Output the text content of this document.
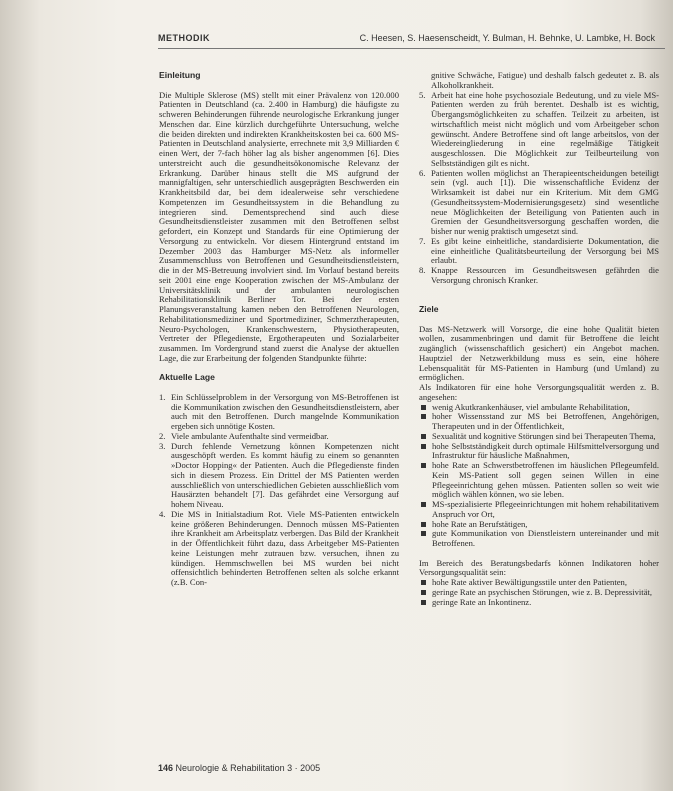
METHODIK	C. Heesen, S. Haesenscheidt, Y. Bulman, H. Behnke, U. Lambke, H. Bock
Einleitung

Die Multiple Sklerose (MS) stellt mit einer Prävalenz von 120.000 Patienten in Deutschland (ca. 2.400 in Hamburg) die häufigste zu schweren Behinderungen führende neurologische Erkrankung junger Menschen dar. Eine kürzlich durchgeführte Untersuchung, welche die beiden direkten und indirekten Krankheitskosten bei ca. 600 MS-Patienten in Deutschland analysierte, errechnete mit 3,9 Milliarden € einen Wert, der 7-fach höher lag als bisher angenommen [6]. Dies unterstreicht auch die gesundheitsökonomische Relevanz der Erkrankung. Darüber hinaus stellt die MS aufgrund der mannigfaltigen, sehr unterschiedlich ausgeprägten Beschwerden ein Krankheitsbild dar, bei dem idealerweise sehr verschiedene Kompetenzen im Gesundheitssystem in die Behandlung zu integrieren sind. Dementsprechend sind auch diese Gesundheitsdienstleister zusammen mit den Betroffenen selbst gefordert, ein Konzept und Standards für eine Optimierung der Versorgung zu entwickeln. Vor diesem Hintergrund entstand im Dezember 2003 das Hamburger MS-Netz als informeller Zusammenschluss von Betroffenen und Gesundheitsdienstleistern, die in der MS-Betreuung involviert sind. Im Vorlauf bestand bereits seit 2001 eine enge Kooperation zwischen der MS-Ambulanz der Universitätsklinik und der ambulanten neurologischen Rehabilitationsklinik Berliner Tor. Bei der ersten Planungsveranstaltung kamen neben den Betroffenen Neurologen, Rehabilitationsmediziner und Sportmediziner, Schmerztherapeuten, Neuro-Psychologen, Krankenschwestern, Physiotherapeuten, Vertreter der Pflegedienste, Ergotherapeuten und Sozialarbeiter zusammen. Im Vordergrund stand zuerst die Analyse der aktuellen Lage, die zur Erarbeitung der folgenden Standpunkte führte:

Aktuelle Lage
1. Ein Schlüsselproblem in der Versorgung von MS-Betroffenen ist die Kommunikation zwischen den Gesundheitsdienstleistern, aber auch mit den Betroffenen. Durch mangelnde Kommunikation ergeben sich unnötige Kosten.
2. Viele ambulante Aufenthalte sind vermeidbar.
3. Durch fehlende Vernetzung können Kompetenzen nicht ausgeschöpft werden. Es kommt häufig zu einem so genannten »Doctor Hopping« der Patienten. Auch die Pflegedienste finden sich in diesem Prozess. Ein Drittel der MS Patienten werden ausschließlich von unterschiedlichen Gebieten ausschließlich vom Hausärzten behandelt [7]. Das gefährdet eine Versorgung auf hohem Niveau.
4. Die MS in Initialstadium Rot. Viele MS-Patienten entwickeln keine größeren Behinderungen. Dennoch müssen MS-Patienten ihre Krankheit am Arbeitsplatz verbergen. Das Bild der Krankheit in der Öffentlichkeit führt dazu, dass Arbeitgeber MS-Patienten keine Leistungen mehr zutrauen bzw. versuchen, ihnen zu kündigen. Hemmschwellen bei MS wurden bei nicht offensichtlich behinderten Betroffenen selten als solche erkannt (z.B. Con-
gnitive Schwäche, Fatigue) und deshalb falsch gedeutet z. B. als Alkoholkrankheit.
5. Arbeit hat eine hohe psychosoziale Bedeutung, und zu viele MS-Patienten werden zu früh berentet. Deshalb ist es wichtig, Übergangsmöglichkeiten zu schaffen. Teilzeit zu arbeiten, ist wirtschaftlich meist nicht möglich und vom Arbeitgeber schon gewünscht. Andere Betroffene sind oft lange arbeitslos, von der Wiedereingliederung in eine regelmäßige Tätigkeit ausgeschlossen. Die Möglichkeit zur Teilbeurteilung von Selbstständigen gilt es nicht.
6. Patienten wollen möglichst an Therapieentscheidungen beteiligt sein (vgl. auch [1]). Die wissenschaftliche Evidenz der Wirksamkeit ist dabei nur ein Kriterium. Mit dem GMG (Gesundheitssystem-Modernisierungsgesetz) sind wesentliche neue Möglichkeiten der Beteiligung von Patienten auch in Gremien der Gesundheitsversorgung geschaffen worden, die bisher nur wenig praktisch umgesetzt sind.
7. Es gibt keine einheitliche, standardisierte Dokumentation, die eine einheitliche Qualitätsbeurteilung der Versorgung bei MS erlaubt.
8. Knappe Ressourcen im Gesundheitswesen gefährden die Versorgung chronisch Kranker.
Ziele

Das MS-Netzwerk will Vorsorge, die eine hohe Qualität bieten wollen, zusammenbringen und damit für Betroffene die leicht zugänglich (wissenschaftlich gesichert) ein Angebot machen. Hauptziel der Netzwerkbildung muss es sein, eine höhere Lebensqualität für MS-Patienten in Hamburg (und Umland) zu ermöglichen.

Als Indikatoren für eine hohe Versorgungsqualität werden z. B. angesehen:

wenig Akutkrankenhäuser, viel ambulante Rehabilitation,
hoher Wissensstand zur MS bei Betroffenen, Angehörigen, Therapeuten und in der Öffentlichkeit,
Sexualität und kognitive Störungen sind bei Therapeuten Thema,
hohe Selbstständigkeit durch optimale Hilfsmittelversorgung und Infrastruktur für häusliche Maßnahmen,
hohe Rate an Schwerstbetroffenen im häuslichen Pflegeumfeld. Kein MS-Patient soll gegen seinen Willen in eine Pflegeeinrichtung gehen müssen. Patienten sollen so weit wie möglich wählen können, wo sie leben.
MS-spezialisierte Pflegeeinrichtungen mit hohem rehabilitativem Anspruch vor Ort,
hohe Rate an Berufstätigen,
gute Kommunikation von Dienstleistern untereinander und mit Betroffenen.

Im Bereich des Beratungsbedarfs können Indikatoren hoher Versorgungsqualität sein:

hohe Rate aktiver Bewältigungsstile unter den Patienten,
geringe Rate an psychischen Störungen, wie z. B. Depressivität,
geringe Rate an Inkontinenz.
146 Neurologie & Rehabilitation 3 · 2005
